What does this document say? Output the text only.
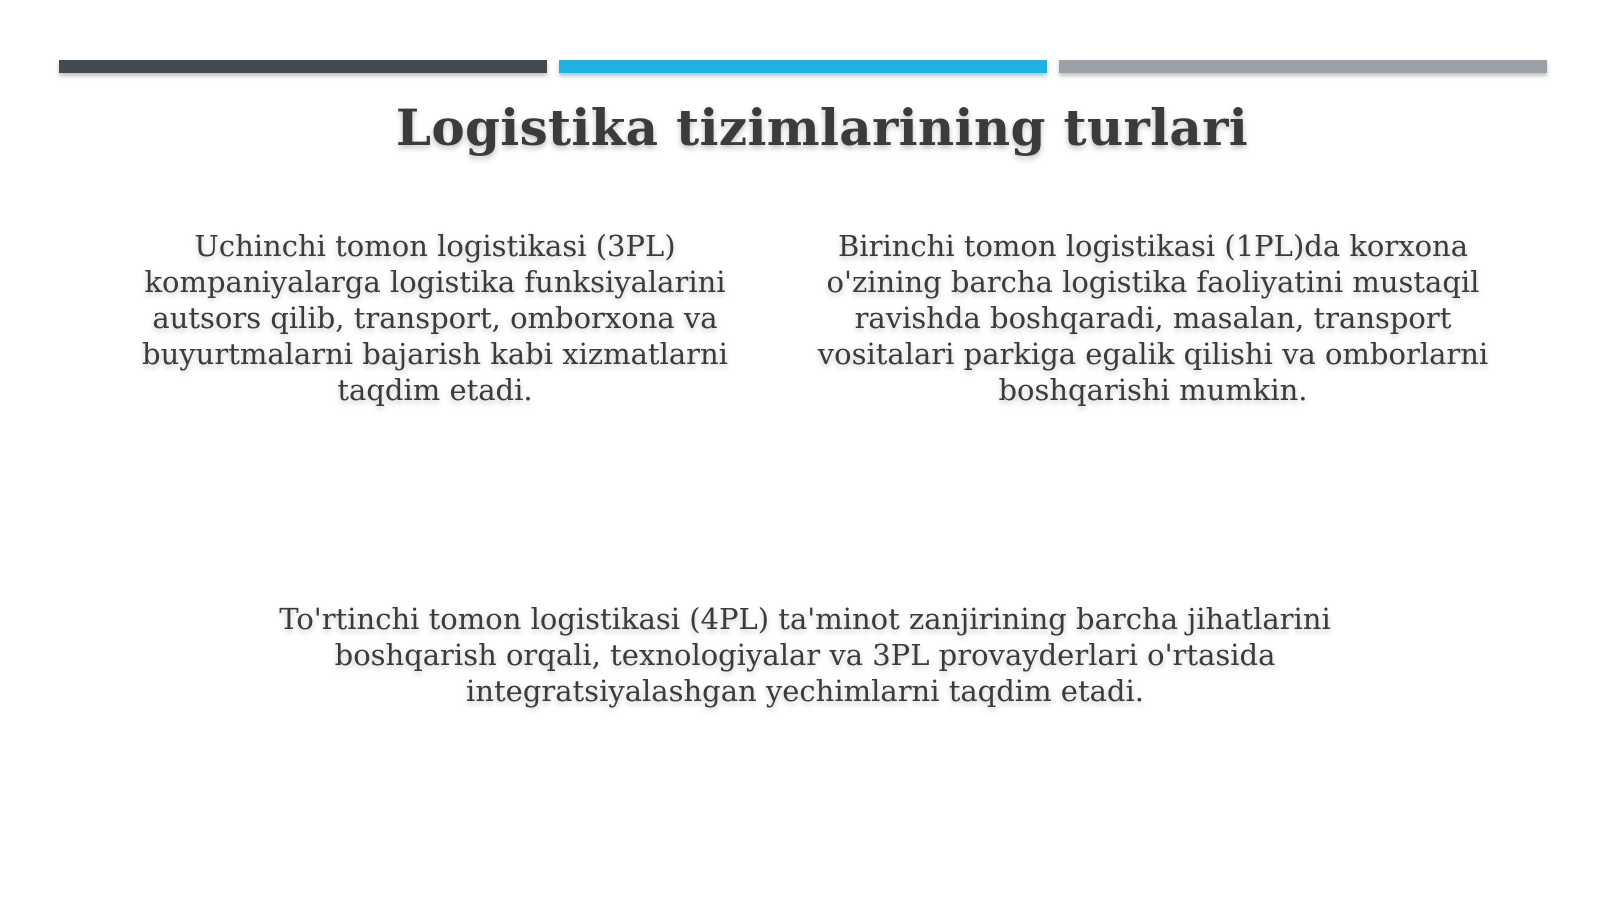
Logistika tizimlarining turlari
Uchinchi tomon logistikasi (3PL) kompaniyalarga logistika funksiyalarini autsors qilib, transport, omborxona va buyurtmalarni bajarish kabi xizmatlarni taqdim etadi.
Birinchi tomon logistikasi (1PL)da korxona o'zining barcha logistika faoliyatini mustaqil ravishda boshqaradi, masalan, transport vositalari parkiga egalik qilishi va omborlarni boshqarishi mumkin.
To'rtinchi tomon logistikasi (4PL) ta'minot zanjirining barcha jihatlarini boshqarish orqali, texnologiyalar va 3PL provayderlari o'rtasida integratsiyalashgan yechimlarni taqdim etadi.
